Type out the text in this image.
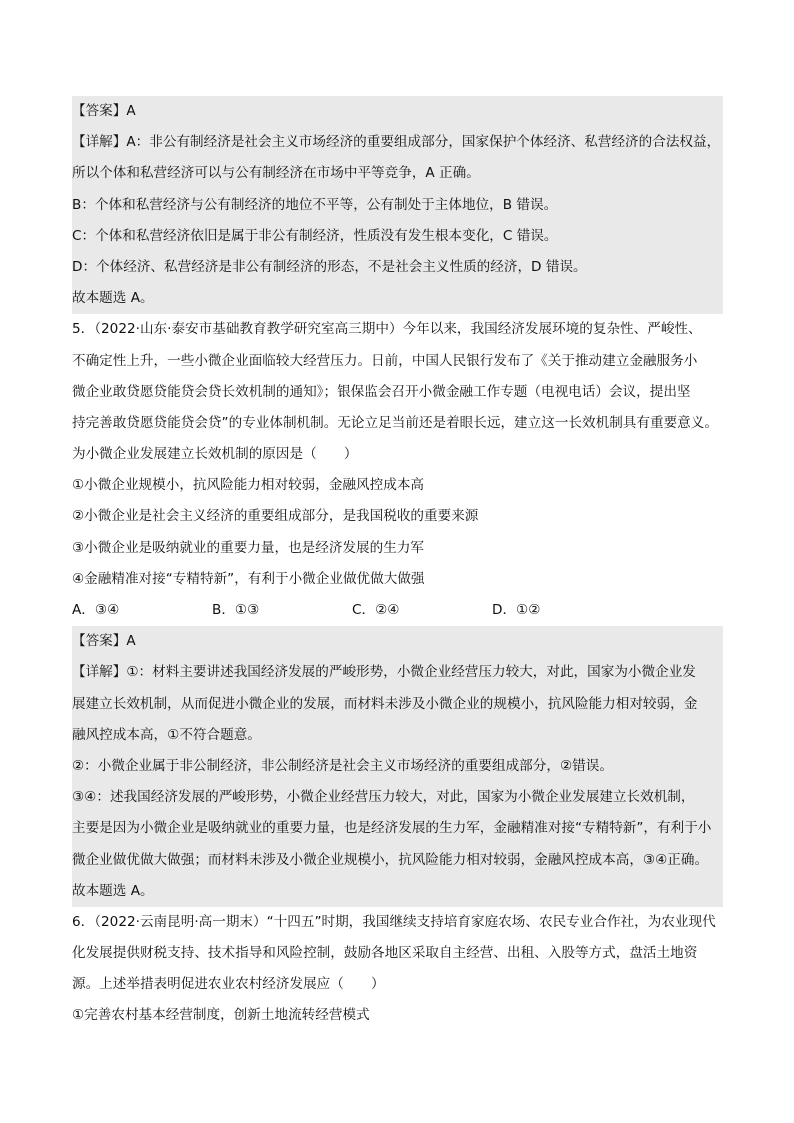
【答案】A
【详解】A：非公有制经济是社会主义市场经济的重要组成部分，国家保护个体经济、私营经济的合法权益，
所以个体和私营经济可以与公有制经济在市场中平等竞争，A 正确。
B：个体和私营经济与公有制经济的地位不平等，公有制处于主体地位，B 错误。
C：个体和私营经济依旧是属于非公有制经济，性质没有发生根本变化，C 错误。
D：个体经济、私营经济是非公有制经济的形态，不是社会主义性质的经济，D 错误。
故本题选 A。
5．（2022·山东·泰安市基础教育教学研究室高三期中）今年以来，我国经济发展环境的复杂性、严峻性、
不确定性上升，一些小微企业面临较大经营压力。日前，中国人民银行发布了《关于推动建立金融服务小
微企业敢贷愿贷能贷会贷长效机制的通知》；银保监会召开小微金融工作专题（电视电话）会议，提出坚
持完善敢贷愿贷能贷会贷”的专业体制机制。无论立足当前还是着眼长远，建立这一长效机制具有重要意义。
为小微企业发展建立长效机制的原因是（　　）
①小微企业规模小，抗风险能力相对较弱，金融风控成本高
②小微企业是社会主义经济的重要组成部分，是我国税收的重要来源
③小微企业是吸纳就业的重要力量，也是经济发展的生力军
④金融精准对接“专精特新”，有利于小微企业做优做大做强
A．③④	B．①③	C．②④	D．①②
【答案】A
【详解】①：材料主要讲述我国经济发展的严峻形势，小微企业经营压力较大，对此，国家为小微企业发
展建立长效机制，从而促进小微企业的发展，而材料未涉及小微企业的规模小，抗风险能力相对较弱，金
融风控成本高，①不符合题意。
②：小微企业属于非公制经济，非公制经济是社会主义市场经济的重要组成部分，②错误。
③④：述我国经济发展的严峻形势，小微企业经营压力较大，对此，国家为小微企业发展建立长效机制，
主要是因为小微企业是吸纳就业的重要力量，也是经济发展的生力军，金融精准对接“专精特新”，有利于小
微企业做优做大做强；而材料未涉及小微企业规模小，抗风险能力相对较弱，金融风控成本高，③④正确。
故本题选 A。
6．（2022·云南昆明·高一期末）“十四五”时期，我国继续支持培育家庭农场、农民专业合作社，为农业现代
化发展提供财税支持、技术指导和风险控制，鼓励各地区采取自主经营、出租、入股等方式，盘活土地资
源。上述举措表明促进农业农村经济发展应（　　）
①完善农村基本经营制度，创新土地流转经营模式
